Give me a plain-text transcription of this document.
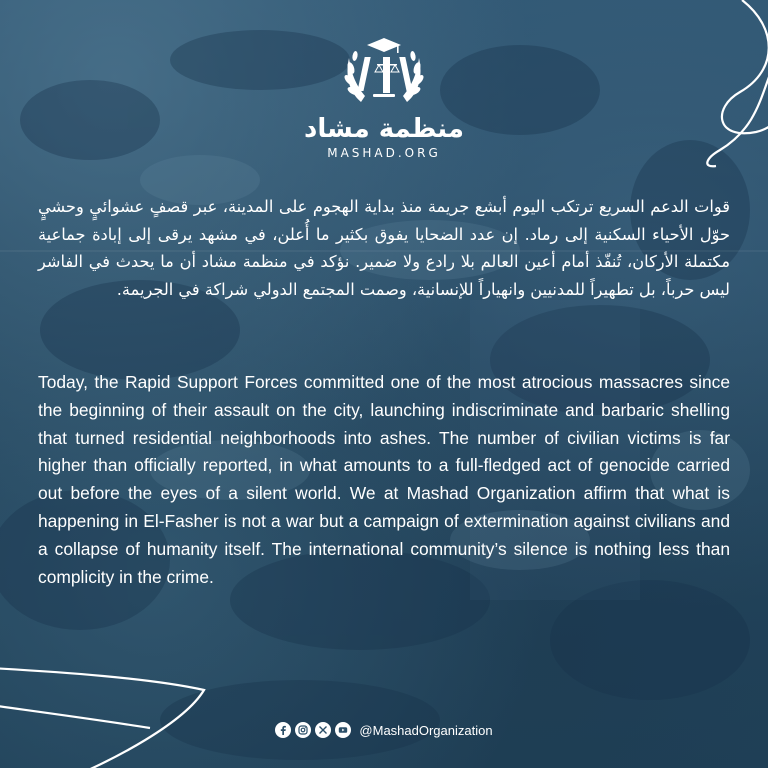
منظمة مشاد
MASHAD.ORG

قوات الدعم السريع ترتكب اليوم أبشع جريمة منذ بداية الهجوم على المدينة، عبر قصفٍ عشوائيٍ وحشيٍ حوّل الأحياء السكنية إلى رماد. إن عدد الضحايا يفوق بكثير ما أُعلن، في مشهد يرقى إلى إبادة جماعية مكتملة الأركان، تُنفّذ أمام أعين العالم بلا رادع ولا ضمير. نؤكد في منظمة مشاد أن ما يحدث في الفاشر ليس حرباً، بل تطهيراً للمدنيين وانهياراً للإنسانية، وصمت المجتمع الدولي شراكة في الجريمة.

Today, the Rapid Support Forces committed one of the most atrocious massacres since the beginning of their assault on the city, launching indiscriminate and barbaric shelling that turned residential neighborhoods into ashes. The number of civilian victims is far higher than officially reported, in what amounts to a full-fledged act of genocide carried out before the eyes of a silent world. We at Mashad Organization affirm that what is happening in El-Fasher is not a war but a campaign of extermination against civilians and a collapse of humanity itself. The international community’s silence is nothing less than complicity in the crime.

@MashadOrganization
